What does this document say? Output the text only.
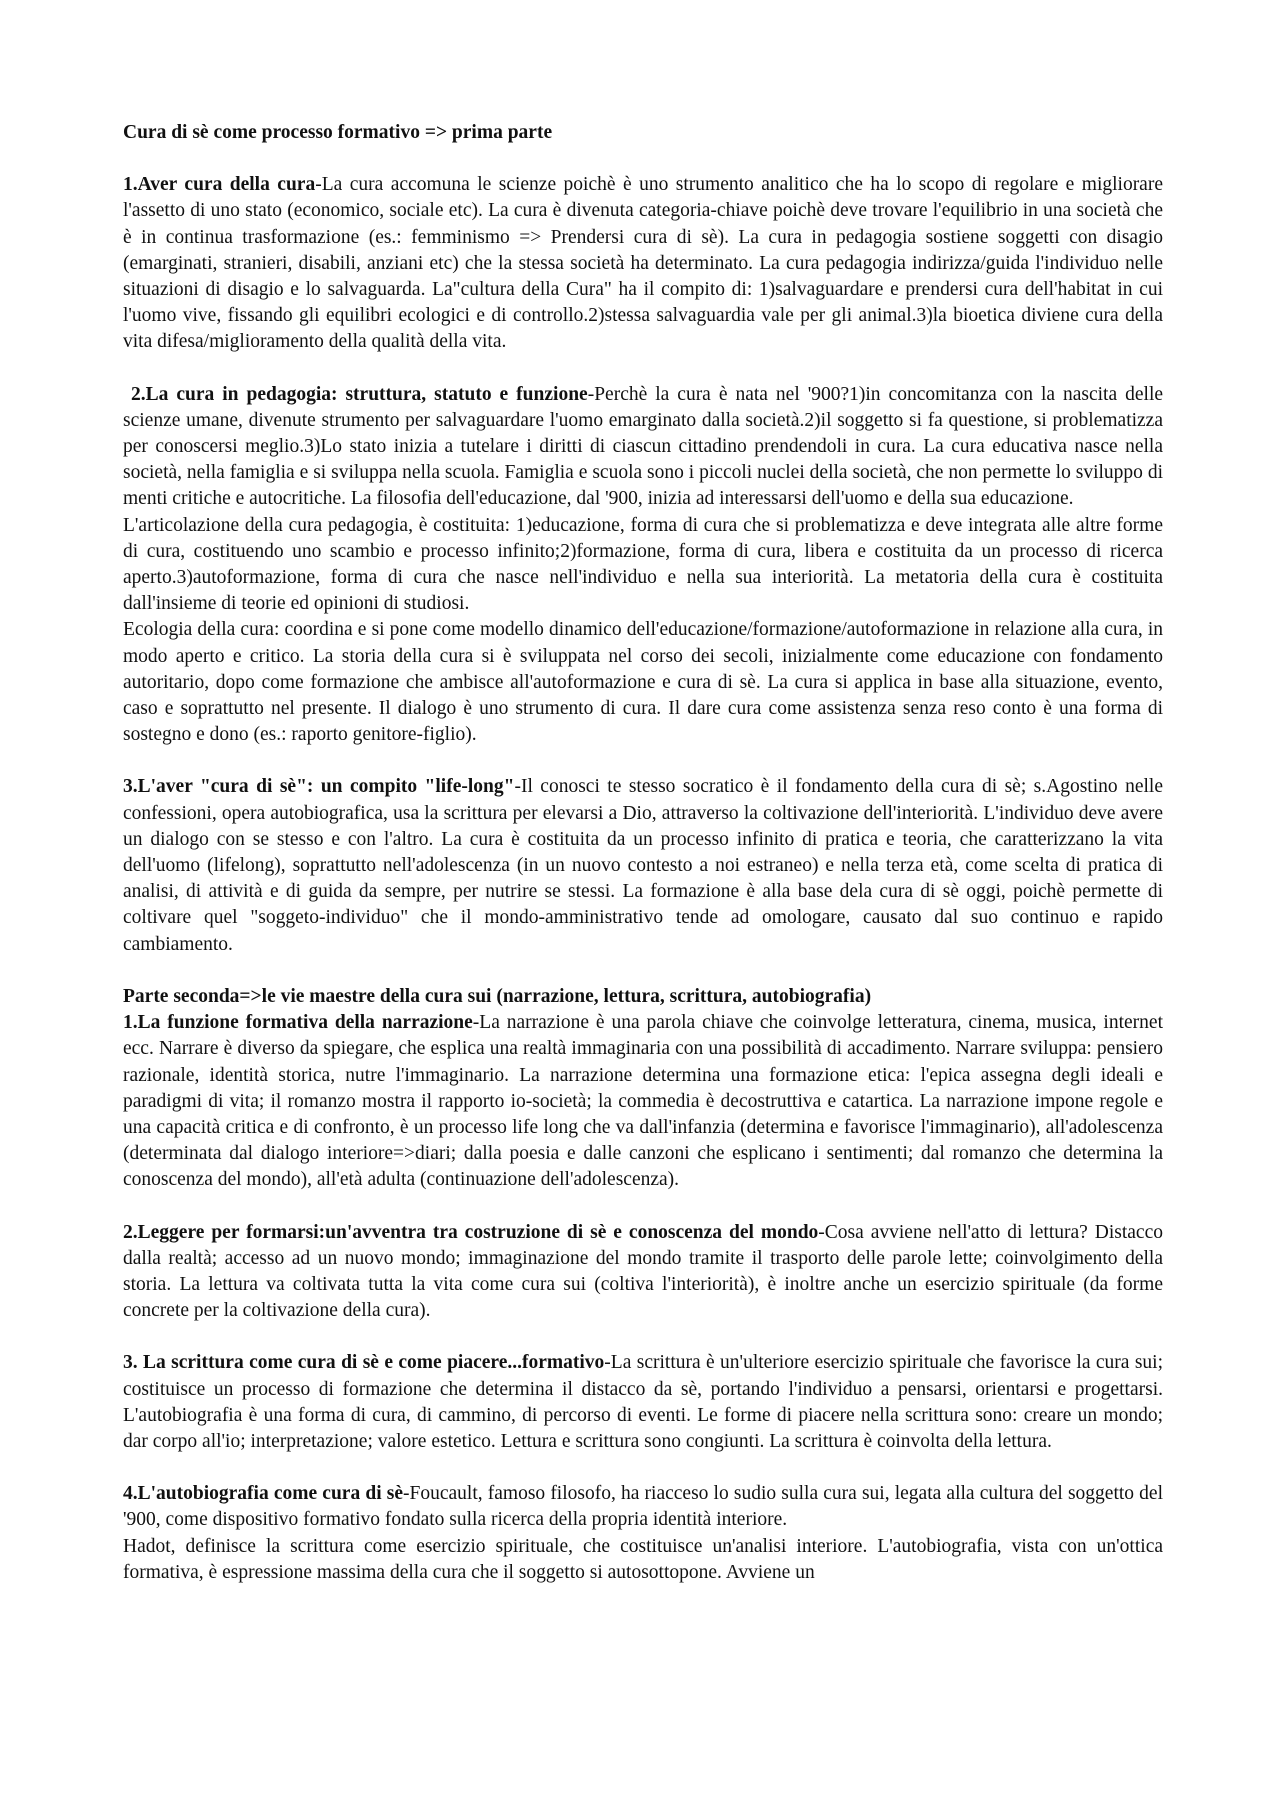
Cura di sè come processo formativo => prima parte

1.Aver cura della cura-La cura accomuna le scienze poichè è uno strumento analitico che ha lo scopo di regolare e migliorare l'assetto di uno stato (economico, sociale etc). La cura è divenuta categoria-chiave poichè deve trovare l'equilibrio in una società che è in continua trasformazione (es.: femminismo => Prendersi cura di sè). La cura in pedagogia sostiene soggetti con disagio (emarginati, stranieri, disabili, anziani etc) che la stessa società ha determinato. La cura pedagogia indirizza/guida l'individuo nelle situazioni di disagio e lo salvaguarda. La"cultura della Cura" ha il compito di: 1)salvaguardare e prendersi cura dell'habitat in cui l'uomo vive, fissando gli equilibri ecologici e di controllo.2)stessa salvaguardia vale per gli animal.3)la bioetica diviene cura della vita difesa/miglioramento della qualità della vita.

2.La cura in pedagogia: struttura, statuto e funzione-Perchè la cura è nata nel '900?1)in concomitanza con la nascita delle scienze umane, divenute strumento per salvaguardare l'uomo emarginato dalla società.2)il soggetto si fa questione, si problematizza per conoscersi meglio.3)Lo stato inizia a tutelare i diritti di ciascun cittadino prendendoli in cura. La cura educativa nasce nella società, nella famiglia e si sviluppa nella scuola. Famiglia e scuola sono i piccoli nuclei della società, che non permette lo sviluppo di menti critiche e autocritiche. La filosofia dell'educazione, dal '900, inizia ad interessarsi dell'uomo e della sua educazione.

L'articolazione della cura pedagogia, è costituita: 1)educazione, forma di cura che si problematizza e deve integrata alle altre forme di cura, costituendo uno scambio e processo infinito;2)formazione, forma di cura, libera e costituita da un processo di ricerca aperto.3)autoformazione, forma di cura che nasce nell'individuo e nella sua interiorità. La metatoria della cura è costituita dall'insieme di teorie ed opinioni di studiosi.

Ecologia della cura: coordina e si pone come modello dinamico dell'educazione/formazione/autoformazione in relazione alla cura, in modo aperto e critico. La storia della cura si è sviluppata nel corso dei secoli, inizialmente come educazione con fondamento autoritario, dopo come formazione che ambisce all'autoformazione e cura di sè. La cura si applica in base alla situazione, evento, caso e soprattutto nel presente. Il dialogo è uno strumento di cura. Il dare cura come assistenza senza reso conto è una forma di sostegno e dono (es.: raporto genitore-figlio).

3.L'aver "cura di sè": un compito "life-long"-Il conosci te stesso socratico è il fondamento della cura di sè; s.Agostino nelle confessioni, opera autobiografica, usa la scrittura per elevarsi a Dio, attraverso la coltivazione dell'interiorità. L'individuo deve avere un dialogo con se stesso e con l'altro. La cura è costituita da un processo infinito di pratica e teoria, che caratterizzano la vita dell'uomo (lifelong), soprattutto nell'adolescenza (in un nuovo contesto a noi estraneo) e nella terza età, come scelta di pratica di analisi, di attività e di guida da sempre, per nutrire se stessi. La formazione è alla base dela cura di sè oggi, poichè permette di coltivare quel "soggeto-individuo" che il mondo-amministrativo tende ad omologare, causato dal suo continuo e rapido cambiamento.

Parte seconda=>le vie maestre della cura sui (narrazione, lettura, scrittura, autobiografia)

1.La funzione formativa della narrazione-La narrazione è una parola chiave che coinvolge letteratura, cinema, musica, internet ecc. Narrare è diverso da spiegare, che esplica una realtà immaginaria con una possibilità di accadimento. Narrare sviluppa: pensiero razionale, identità storica, nutre l'immaginario. La narrazione determina una formazione etica: l'epica assegna degli ideali e paradigmi di vita; il romanzo mostra il rapporto io-società; la commedia è decostruttiva e catartica. La narrazione impone regole e una capacità critica e di confronto, è un processo life long che va dall'infanzia (determina e favorisce l'immaginario), all'adolescenza (determinata dal dialogo interiore=>diari; dalla poesia e dalle canzoni che esplicano i sentimenti; dal romanzo che determina la conoscenza del mondo), all'età adulta (continuazione dell'adolescenza).

2.Leggere per formarsi:un'avventra tra costruzione di sè e conoscenza del mondo-Cosa avviene nell'atto di lettura? Distacco dalla realtà; accesso ad un nuovo mondo; immaginazione del mondo tramite il trasporto delle parole lette; coinvolgimento della storia. La lettura va coltivata tutta la vita come cura sui (coltiva l'interiorità), è inoltre anche un esercizio spirituale (da forme concrete per la coltivazione della cura).

3. La scrittura come cura di sè e come piacere...formativo-La scrittura è un'ulteriore esercizio spirituale che favorisce la cura sui; costituisce un processo di formazione che determina il distacco da sè, portando l'individuo a pensarsi, orientarsi e progettarsi. L'autobiografia è una forma di cura, di cammino, di percorso di eventi. Le forme di piacere nella scrittura sono: creare un mondo; dar corpo all'io; interpretazione; valore estetico. Lettura e scrittura sono congiunti. La scrittura è coinvolta della lettura.

4.L'autobiografia come cura di sè-Foucault, famoso filosofo, ha riacceso lo sudio sulla cura sui, legata alla cultura del soggetto del '900, come dispositivo formativo fondato sulla ricerca della propria identità interiore.

Hadot, definisce la scrittura come esercizio spirituale, che costituisce un'analisi interiore. L'autobiografia, vista con un'ottica formativa, è espressione massima della cura che il soggetto si autosottopone. Avviene un
